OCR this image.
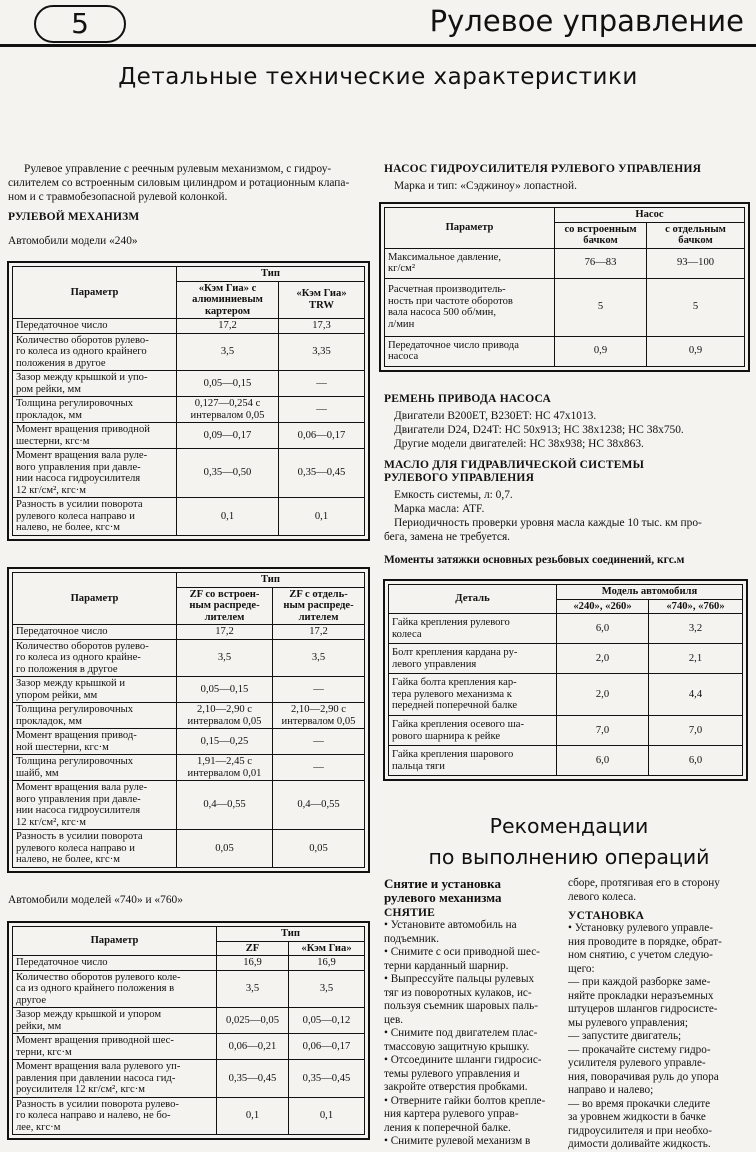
5	Рулевое управление
Детальные технические характеристики
Рулевое управление с реечным рулевым механизмом, с гидроу-
силителем со встроенным силовым цилиндром и ротационным клапа-
ном и с травмобезопасной рулевой колонкой.
РУЛЕВОЙ МЕХАНИЗМ
Автомобили модели «240»
Параметр	Тип	
	«Кэм Гиа» с
алюминиевым
картером	«Кэм Гиа»
TRW
Передаточное число	17,2	17,3
Количество оборотов рулево-
го колеса из одного крайнего
положения в другое	3,5	3,35
Зазор между крышкой и упо-
ром рейки, мм	0,05—0,15	—
Толщина регулировочных
прокладок, мм	0,127—0,254 с интервалом 0,05	—
Момент вращения приводной
шестерни, кгс·м	0,09—0,17	0,06—0,17
Момент вращения вала руле-
вого управления при давле-
нии насоса гидроусилителя
12 кг/см², кгс·м	0,35—0,50	0,35—0,45
Разность в усилии поворота
рулевого колеса направо и
налево, не более, кгс·м	0,1	0,1
Параметр	Тип	
	ZF со встроен-
ным распреде-
лителем	ZF с отдель-
ным распреде-
лителем
Передаточное число	17,2	17,2
Количество оборотов рулево-
го колеса из одного крайне-
го положения в другое	3,5	3,5
Зазор между крышкой и
упором рейки, мм	0,05—0,15	—
Толщина регулировочных
прокладок, мм	2,10—2,90 с интервалом 0,05	2,10—2,90 с интервалом 0,05
Момент вращения привод-
ной шестерни, кгс·м	0,15—0,25	—
Толщина регулировочных
шайб, мм	1,91—2,45 с интервалом 0,01	—
Момент вращения вала руле-
вого управления при давле-
нии насоса гидроусилителя
12 кг/см², кгс·м	0,4—0,55	0,4—0,55
Разность в усилии поворота
рулевого колеса направо и
налево, не более, кгс·м	0,05	0,05
Автомобили моделей «740» и «760»
Параметр	Тип	
	ZF	«Кэм Гиа»
Передаточное число	16,9	16,9
Количество оборотов рулевого коле-
са из одного крайнего положения в
другое	3,5	3,5
Зазор между крышкой и упором
рейки, мм	0,025—0,05	0,05—0,12
Момент вращения приводной шес-
терни, кгс·м	0,06—0,21	0,06—0,17
Момент вращения вала рулевого уп-
равления при давлении насоса гид-
роусилителя 12 кг/см², кгс·м	0,35—0,45	0,35—0,45
Разность в усилии поворота рулево-
го колеса направо и налево, не бо-
лее, кгс·м	0,1	0,1
НАСОС ГИДРОУСИЛИТЕЛЯ РУЛЕВОГО УПРАВЛЕНИЯ
Марка и тип: «Сэджиноу» лопастной.
Параметр	Насос	
	со встроенным
бачком	с отдельным
бачком
Максимальное давление,
кг/см²	76—83	93—100
Расчетная производитель-
ность при частоте оборотов
вала насоса 500 об/мин,
л/мин	5	5
Передаточное число привода
насоса	0,9	0,9
РЕМЕНЬ ПРИВОДА НАСОСА
Двигатели B200ET, B230ET: HC 47x1013.
Двигатели D24, D24T: HC 50x913; HC 38x1238; HC 38x750.
Другие модели двигателей: HC 38x938; HC 38x863.
МАСЛО ДЛЯ ГИДРАВЛИЧЕСКОЙ СИСТЕМЫ
РУЛЕВОГО УПРАВЛЕНИЯ
Емкость системы, л: 0,7.
Марка масла: ATF.
Периодичность проверки уровня масла каждые 10 тыс. км про-
бега, замена не требуется.
Моменты затяжки основных резьбовых соединений, кгс.м
Деталь	Модель автомобиля	
	«240», «260»	«740», «760»
Гайка крепления рулевого
колеса	6,0	3,2
Болт крепления кардана ру-
левого управления	2,0	2,1
Гайка болта крепления кар-
тера рулевого механизма к
передней поперечной балке	2,0	4,4
Гайка крепления осевого ша-
рового шарнира к рейке	7,0	7,0
Гайка крепления шарового
пальца тяги	6,0	6,0
Рекомендации
по выполнению операций
Снятие и установка
рулевого механизма
СНЯТИЕ
• Установите автомобиль на
подъемник.
• Снимите с оси приводной шес-
терни карданный шарнир.
• Выпрессуйте пальцы рулевых
тяг из поворотных кулаков, ис-
пользуя съемник шаровых паль-
цев.
• Снимите под двигателем плас-
тмассовую защитную крышку.
• Отсоедините шланги гидросис-
темы рулевого управления и
закройте отверстия пробками.
• Отверните гайки болтов крепле-
ния картера рулевого управ-
ления к поперечной балке.
• Снимите рулевой механизм в
сборе, протягивая его в сторону
левого колеса.
УСТАНОВКА
• Установку рулевого управле-
ния проводите в порядке, обрат-
ном снятию, с учетом следую-
щего:
— при каждой разборке заме-
няйте прокладки неразъемных
штуцеров шлангов гидросисте-
мы рулевого управления;
— запустите двигатель;
— прокачайте систему гидро-
усилителя рулевого управле-
ния, поворачивая руль до упора
направо и налево;
— во время прокачки следите
за уровнем жидкости в бачке
гидроусилителя и при необхо-
димости доливайте жидкость.
